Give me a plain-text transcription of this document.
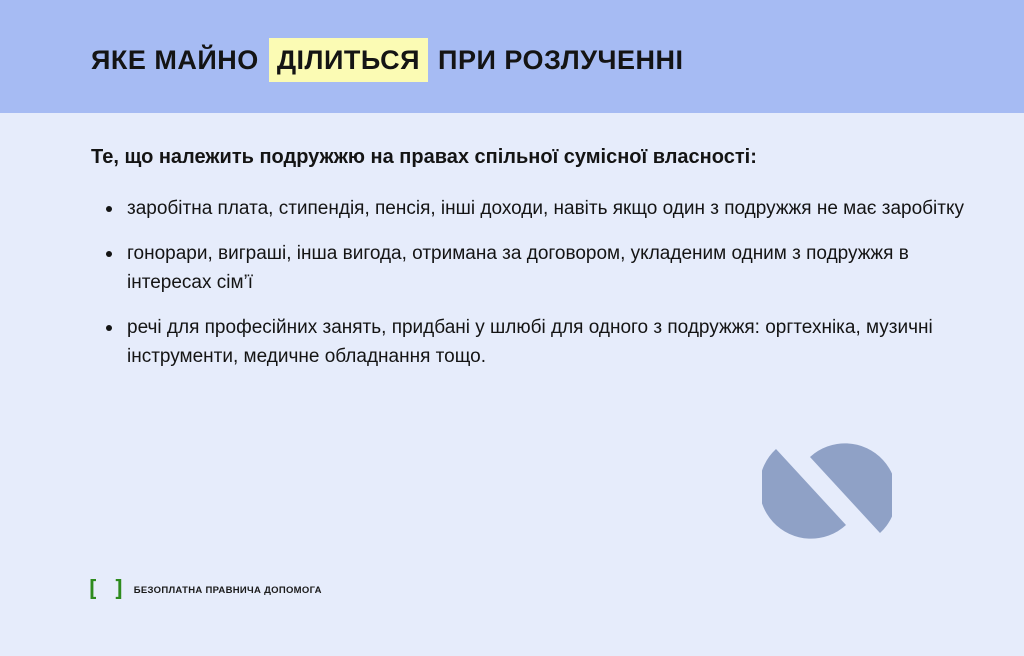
ЯКЕ МАЙНО ДІЛИТЬСЯ ПРИ РОЗЛУЧЕННІ
Те, що належить подружжю на правах спільної сумісної власності:
заробітна плата, стипендія, пенсія, інші доходи, навіть якщо один з подружжя не має заробітку
гонорари, виграші, інша вигода, отримана за договором, укладеним одним з подружжя в інтересах сім’ї
речі для професійних занять, придбані у шлюбі для одного з подружжя: оргтехніка, музичні інструменти, медичне обладнання тощо.
[ ] БЕЗОПЛАТНА ПРАВНИЧА ДОПОМОГА
